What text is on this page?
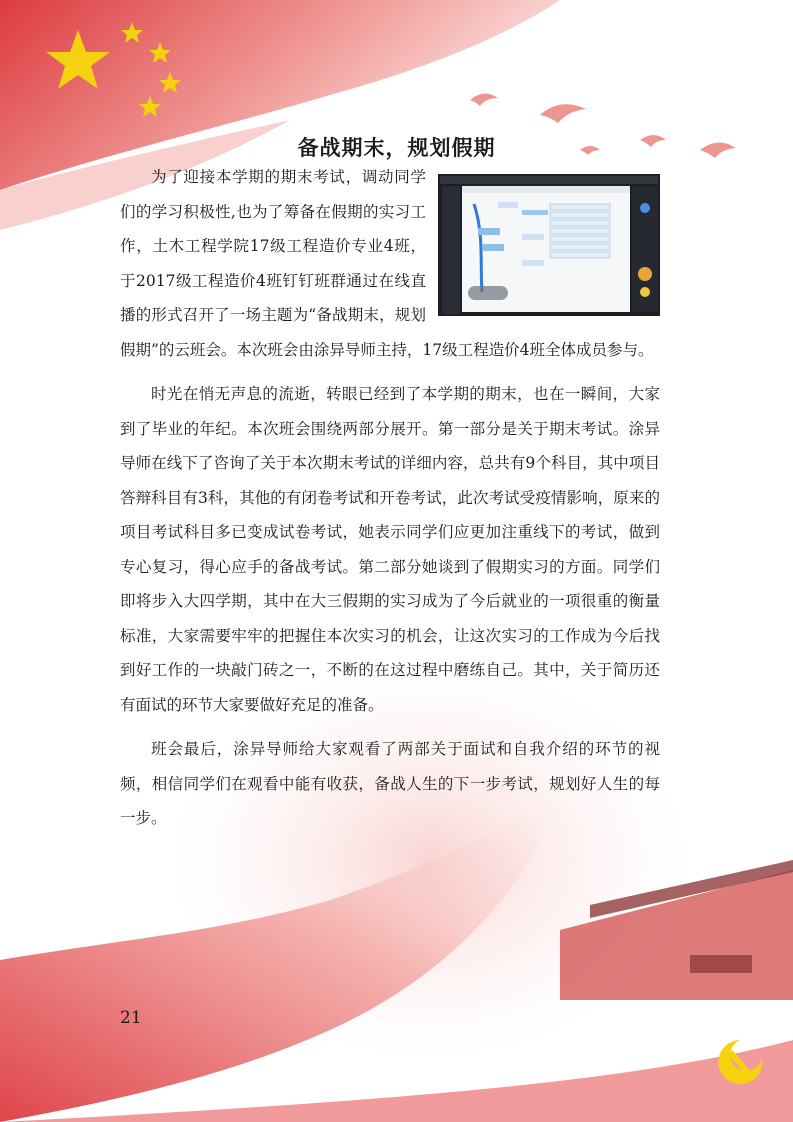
备战期末，规划假期

为了迎接本学期的期末考试，调动同学们的学习积极性,也为了筹备在假期的实习工作，土木工程学院17级工程造价专业4班，于2017级工程造价4班钉钉班群通过在线直播的形式召开了一场主题为“备战期末，规划假期”的云班会。本次班会由涂异导师主持，17级工程造价4班全体成员参与。

时光在悄无声息的流逝，转眼已经到了本学期的期末，也在一瞬间，大家到了毕业的年纪。本次班会围绕两部分展开。第一部分是关于期末考试。涂异导师在线下了咨询了关于本次期末考试的详细内容，总共有9个科目，其中项目答辩科目有3科，其他的有闭卷考试和开卷考试，此次考试受疫情影响，原来的项目考试科目多已变成试卷考试，她表示同学们应更加注重线下的考试，做到专心复习，得心应手的备战考试。第二部分她谈到了假期实习的方面。同学们即将步入大四学期，其中在大三假期的实习成为了今后就业的一项很重的衡量标准，大家需要牢牢的把握住本次实习的机会，让这次实习的工作成为今后找到好工作的一块敲门砖之一，不断的在这过程中磨练自己。其中，关于简历还有面试的环节大家要做好充足的准备。

班会最后，涂异导师给大家观看了两部关于面试和自我介绍的环节的视频，相信同学们在观看中能有收获，备战人生的下一步考试，规划好人生的每一步。

21
